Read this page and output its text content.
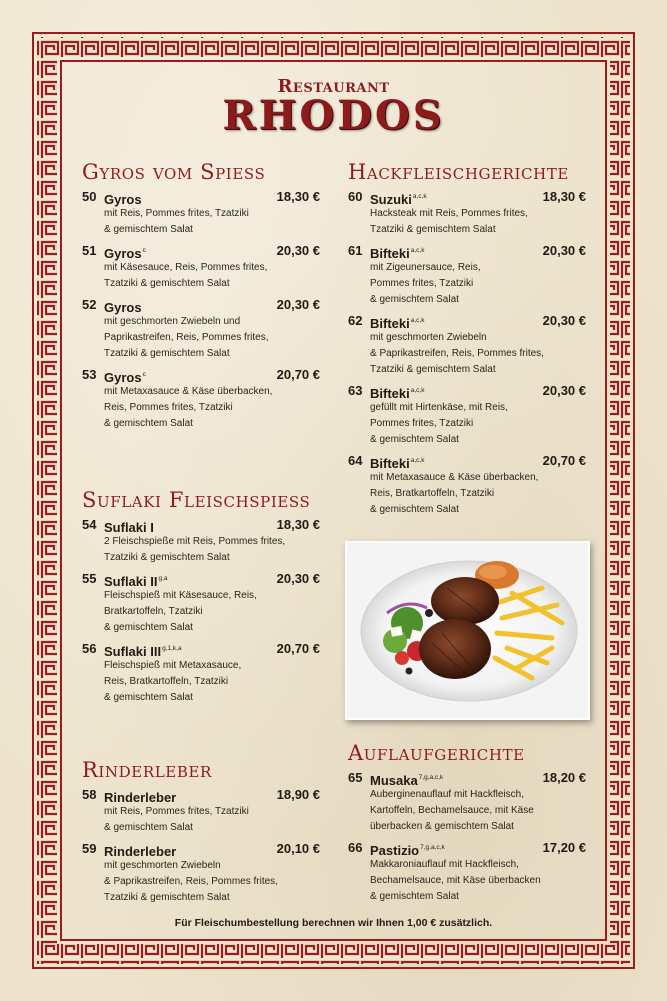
Restaurant
RHODOS
Gyros vom Spiess
50 Gyros	18,30 €
mit Reis, Pommes frites, Tzatziki
& gemischtem Salat
51 Gyros$^c$	20,30 €
mit Käsesauce, Reis, Pommes frites,
Tzatziki & gemischtem Salat
52 Gyros	20,30 €
mit geschmorten Zwiebeln und
Paprikastreifen, Reis, Pommes frites,
Tzatziki & gemischtem Salat
53 Gyros$^c$	20,70 €
mit Metaxasauce & Käse überbacken,
Reis, Pommes frites, Tzatziki
& gemischtem Salat
Suflaki Fleischspiess
54 Suflaki I	18,30 €
2 Fleischspieße mit Reis, Pommes frites,
Tzatziki & gemischtem Salat
55 Suflaki II$^{g,a}$	20,30 €
Fleischspieß mit Käsesauce, Reis,
Bratkartoffeln, Tzatziki
& gemischtem Salat
56 Suflaki III$^{g,1,k,a}$	20,70 €
Fleischspieß mit Metaxasauce,
Reis, Bratkartoffeln, Tzatziki
& gemischtem Salat
Rinderleber
58 Rinderleber	18,90 €
mit Reis, Pommes frites, Tzatziki
& gemischtem Salat
59 Rinderleber	20,10 €
mit geschmorten Zwiebeln
& Paprikastreifen, Reis, Pommes frites,
Tzatziki & gemischtem Salat
Hackfleischgerichte
60 Suzuki$^{a,c,k}$	18,30 €
Hacksteak mit Reis, Pommes frites,
Tzatziki & gemischtem Salat
61 Bifteki$^{a,c,k}$	20,30 €
mit Zigeunersauce, Reis,
Pommes frites, Tzatziki
& gemischtem Salat
62 Bifteki$^{a,c,k}$	20,30 €
mit geschmorten Zwiebeln
& Paprikastreifen, Reis, Pommes frites,
Tzatziki & gemischtem Salat
63 Bifteki$^{a,c,k}$	20,30 €
gefüllt mit Hirtenkäse, mit Reis,
Pommes frites, Tzatziki
& gemischtem Salat
64 Bifteki$^{a,c,k}$	20,70 €
mit Metaxasauce & Käse überbacken,
Reis, Bratkartoffeln, Tzatziki
& gemischtem Salat
Auflaufgerichte
65 Musaka$^{7,g,a,c,k}$	18,20 €
Auberginenauflauf mit Hackfleisch,
Kartoffeln, Bechamelsauce, mit Käse
überbacken & gemischtem Salat
66 Pastizio$^{7,g,a,c,k}$	17,20 €
Makkaroniauflauf mit Hackfleisch,
Bechamelsauce, mit Käse überbacken
& gemischtem Salat
Für Fleischumbestellung berechnen wir Ihnen 1,00 € zusätzlich.
